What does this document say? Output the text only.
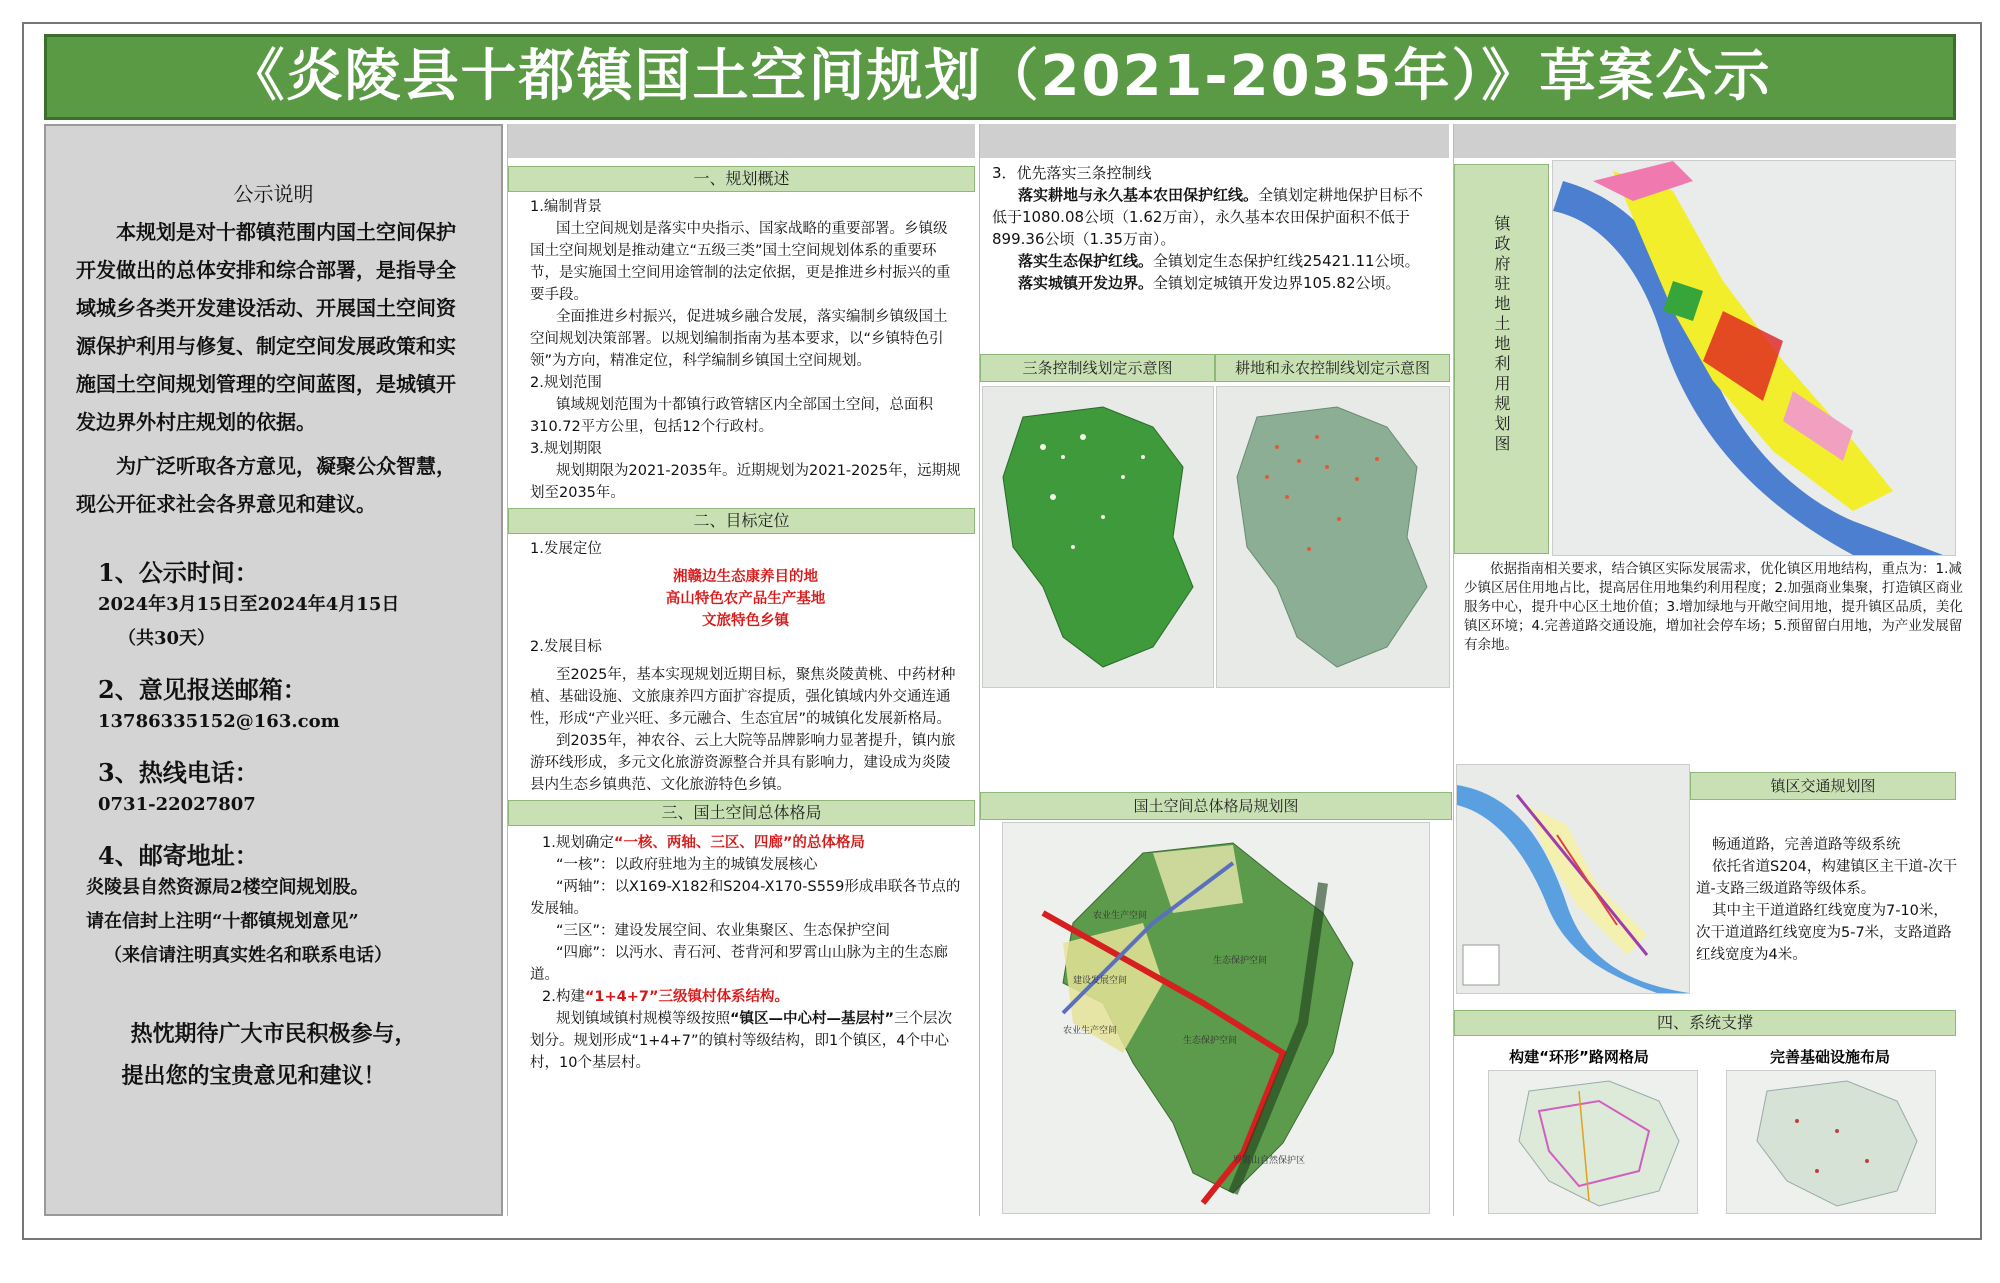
《炎陵县十都镇国土空间规划（2021-2035年）》草案公示
公示说明
本规划是对十都镇范围内国土空间保护开发做出的总体安排和综合部署，是指导全域城乡各类开发建设活动、开展国土空间资源保护利用与修复、制定空间发展政策和实施国土空间规划管理的空间蓝图，是城镇开发边界外村庄规划的依据。
为广泛听取各方意见，凝聚公众智慧，现公开征求社会各界意见和建议。
1、公示时间：
2024年3月15日至2024年4月15日
（共30天）
2、意见报送邮箱：
13786335152@163.com
3、热线电话：
0731-22027807
4、邮寄地址：
炎陵县自然资源局2楼空间规划股。
请在信封上注明“十都镇规划意见”
（来信请注明真实姓名和联系电话）
热忱期待广大市民积极参与，
提出您的宝贵意见和建议！
一、规划概述
1.编制背景
国土空间规划是落实中央指示、国家战略的重要部署。乡镇级国土空间规划是推动建立“五级三类”国土空间规划体系的重要环节，是实施国土空间用途管制的法定依据，更是推进乡村振兴的重要手段。
全面推进乡村振兴，促进城乡融合发展，落实编制乡镇级国土空间规划决策部署。以规划编制指南为基本要求，以“乡镇特色引领”为方向，精准定位，科学编制乡镇国土空间规划。
2.规划范围
镇域规划范围为十都镇行政管辖区内全部国土空间，总面积310.72平方公里，包括12个行政村。
3.规划期限
规划期限为2021-2035年。近期规划为2021-2025年，远期规划至2035年。
二、目标定位
1.发展定位
湘赣边生态康养目的地
高山特色农产品生产基地
文旅特色乡镇
2.发展目标
至2025年，基本实现规划近期目标，聚焦炎陵黄桃、中药材种植、基础设施、文旅康养四方面扩容提质，强化镇域内外交通连通性，形成“产业兴旺、多元融合、生态宜居”的城镇化发展新格局。
到2035年，神农谷、云上大院等品牌影响力显著提升，镇内旅游环线形成，多元文化旅游资源整合并具有影响力，建设成为炎陵县内生态乡镇典范、文化旅游特色乡镇。
三、国土空间总体格局
1.规划确定“一核、两轴、三区、四廊”的总体格局
“一核”：以政府驻地为主的城镇发展核心
“两轴”：以X169-X182和S204-X170-S559形成串联各节点的发展轴。
“三区”：建设发展空间、农业集聚区、生态保护空间
“四廊”：以沔水、青石河、苍背河和罗霄山山脉为主的生态廊道。
2.构建“1+4+7”三级镇村体系结构。
规划镇域镇村规模等级按照“镇区—中心村—基层村”三个层次划分。规划形成“1+4+7”的镇村等级结构，即1个镇区，4个中心村，10个基层村。
3．优先落实三条控制线
落实耕地与永久基本农田保护红线。全镇划定耕地保护目标不低于1080.08公顷（1.62万亩），永久基本农田保护面积不低于899.36公顷（1.35万亩）。
落实生态保护红线。全镇划定生态保护红线25421.11公顷。
落实城镇开发边界。全镇划定城镇开发边界105.82公顷。
三条控制线划定示意图	耕地和永农控制线划定示意图
国土空间总体格局规划图
农业生产空间
建设发展空间
农业生产空间
生态保护空间
生态保护空间
罗霄山自然保护区
镇政府驻地土地利用规划图
依据指南相关要求，结合镇区实际发展需求，优化镇区用地结构，重点为：1.减少镇区居住用地占比，提高居住用地集约利用程度；2.加强商业集聚，打造镇区商业服务中心，提升中心区土地价值；3.增加绿地与开敞空间用地，提升镇区品质，美化镇区环境；4.完善道路交通设施，增加社会停车场；5.预留留白用地，为产业发展留有余地。
镇区交通规划图
畅通道路，完善道路等级系统
依托省道S204，构建镇区主干道-次干道-支路三级道路等级体系。
其中主干道道路红线宽度为7-10米，次干道道路红线宽度为5-7米，支路道路红线宽度为4米。
四、系统支撑
构建“环形”路网格局	完善基础设施布局
